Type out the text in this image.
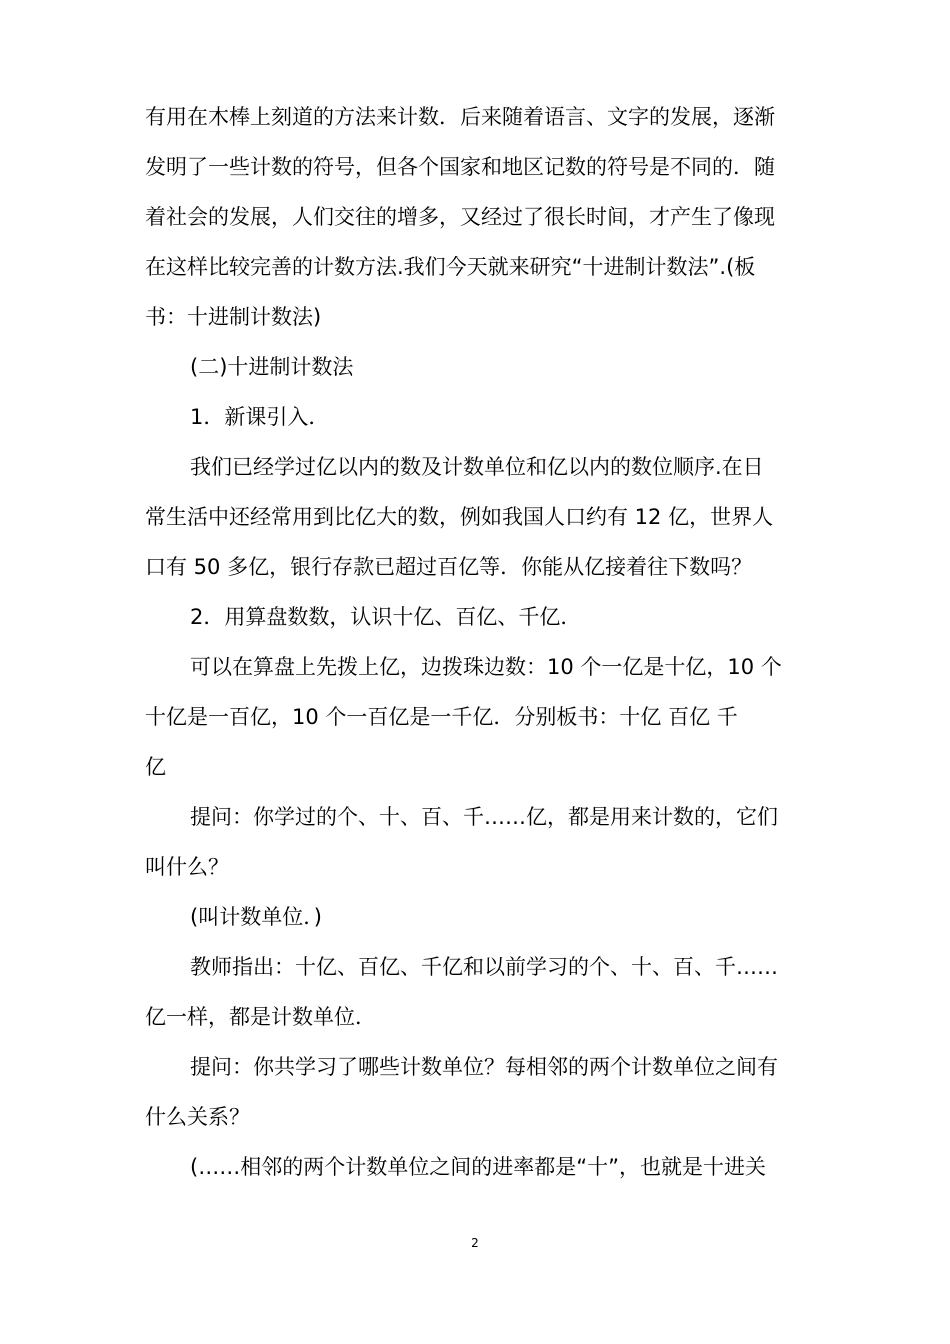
有用在木棒上刻道的方法来计数．后来随着语言、文字的发展，逐渐
发明了一些计数的符号，但各个国家和地区记数的符号是不同的．随
着社会的发展，人们交往的增多，又经过了很长时间，才产生了像现
在这样比较完善的计数方法.我们今天就来研究“十进制计数法”.(板
书：十进制计数法)
(二)十进制计数法
1．新课引入．
我们已经学过亿以内的数及计数单位和亿以内的数位顺序.在日
常生活中还经常用到比亿大的数，例如我国人口约有 12 亿，世界人
口有 50 多亿，银行存款已超过百亿等．你能从亿接着往下数吗？
2．用算盘数数，认识十亿、百亿、千亿．
可以在算盘上先拨上亿，边拨珠边数：10 个一亿是十亿，10 个
十亿是一百亿，10 个一百亿是一千亿．分别板书：十亿 百亿 千
亿
提问：你学过的个、十、百、千……亿，都是用来计数的，它们
叫什么？
(叫计数单位．)
教师指出：十亿、百亿、千亿和以前学习的个、十、百、千……
亿一样，都是计数单位．
提问：你共学习了哪些计数单位？每相邻的两个计数单位之间有
什么关系？
(……相邻的两个计数单位之间的进率都是“十”，也就是十进关
2
